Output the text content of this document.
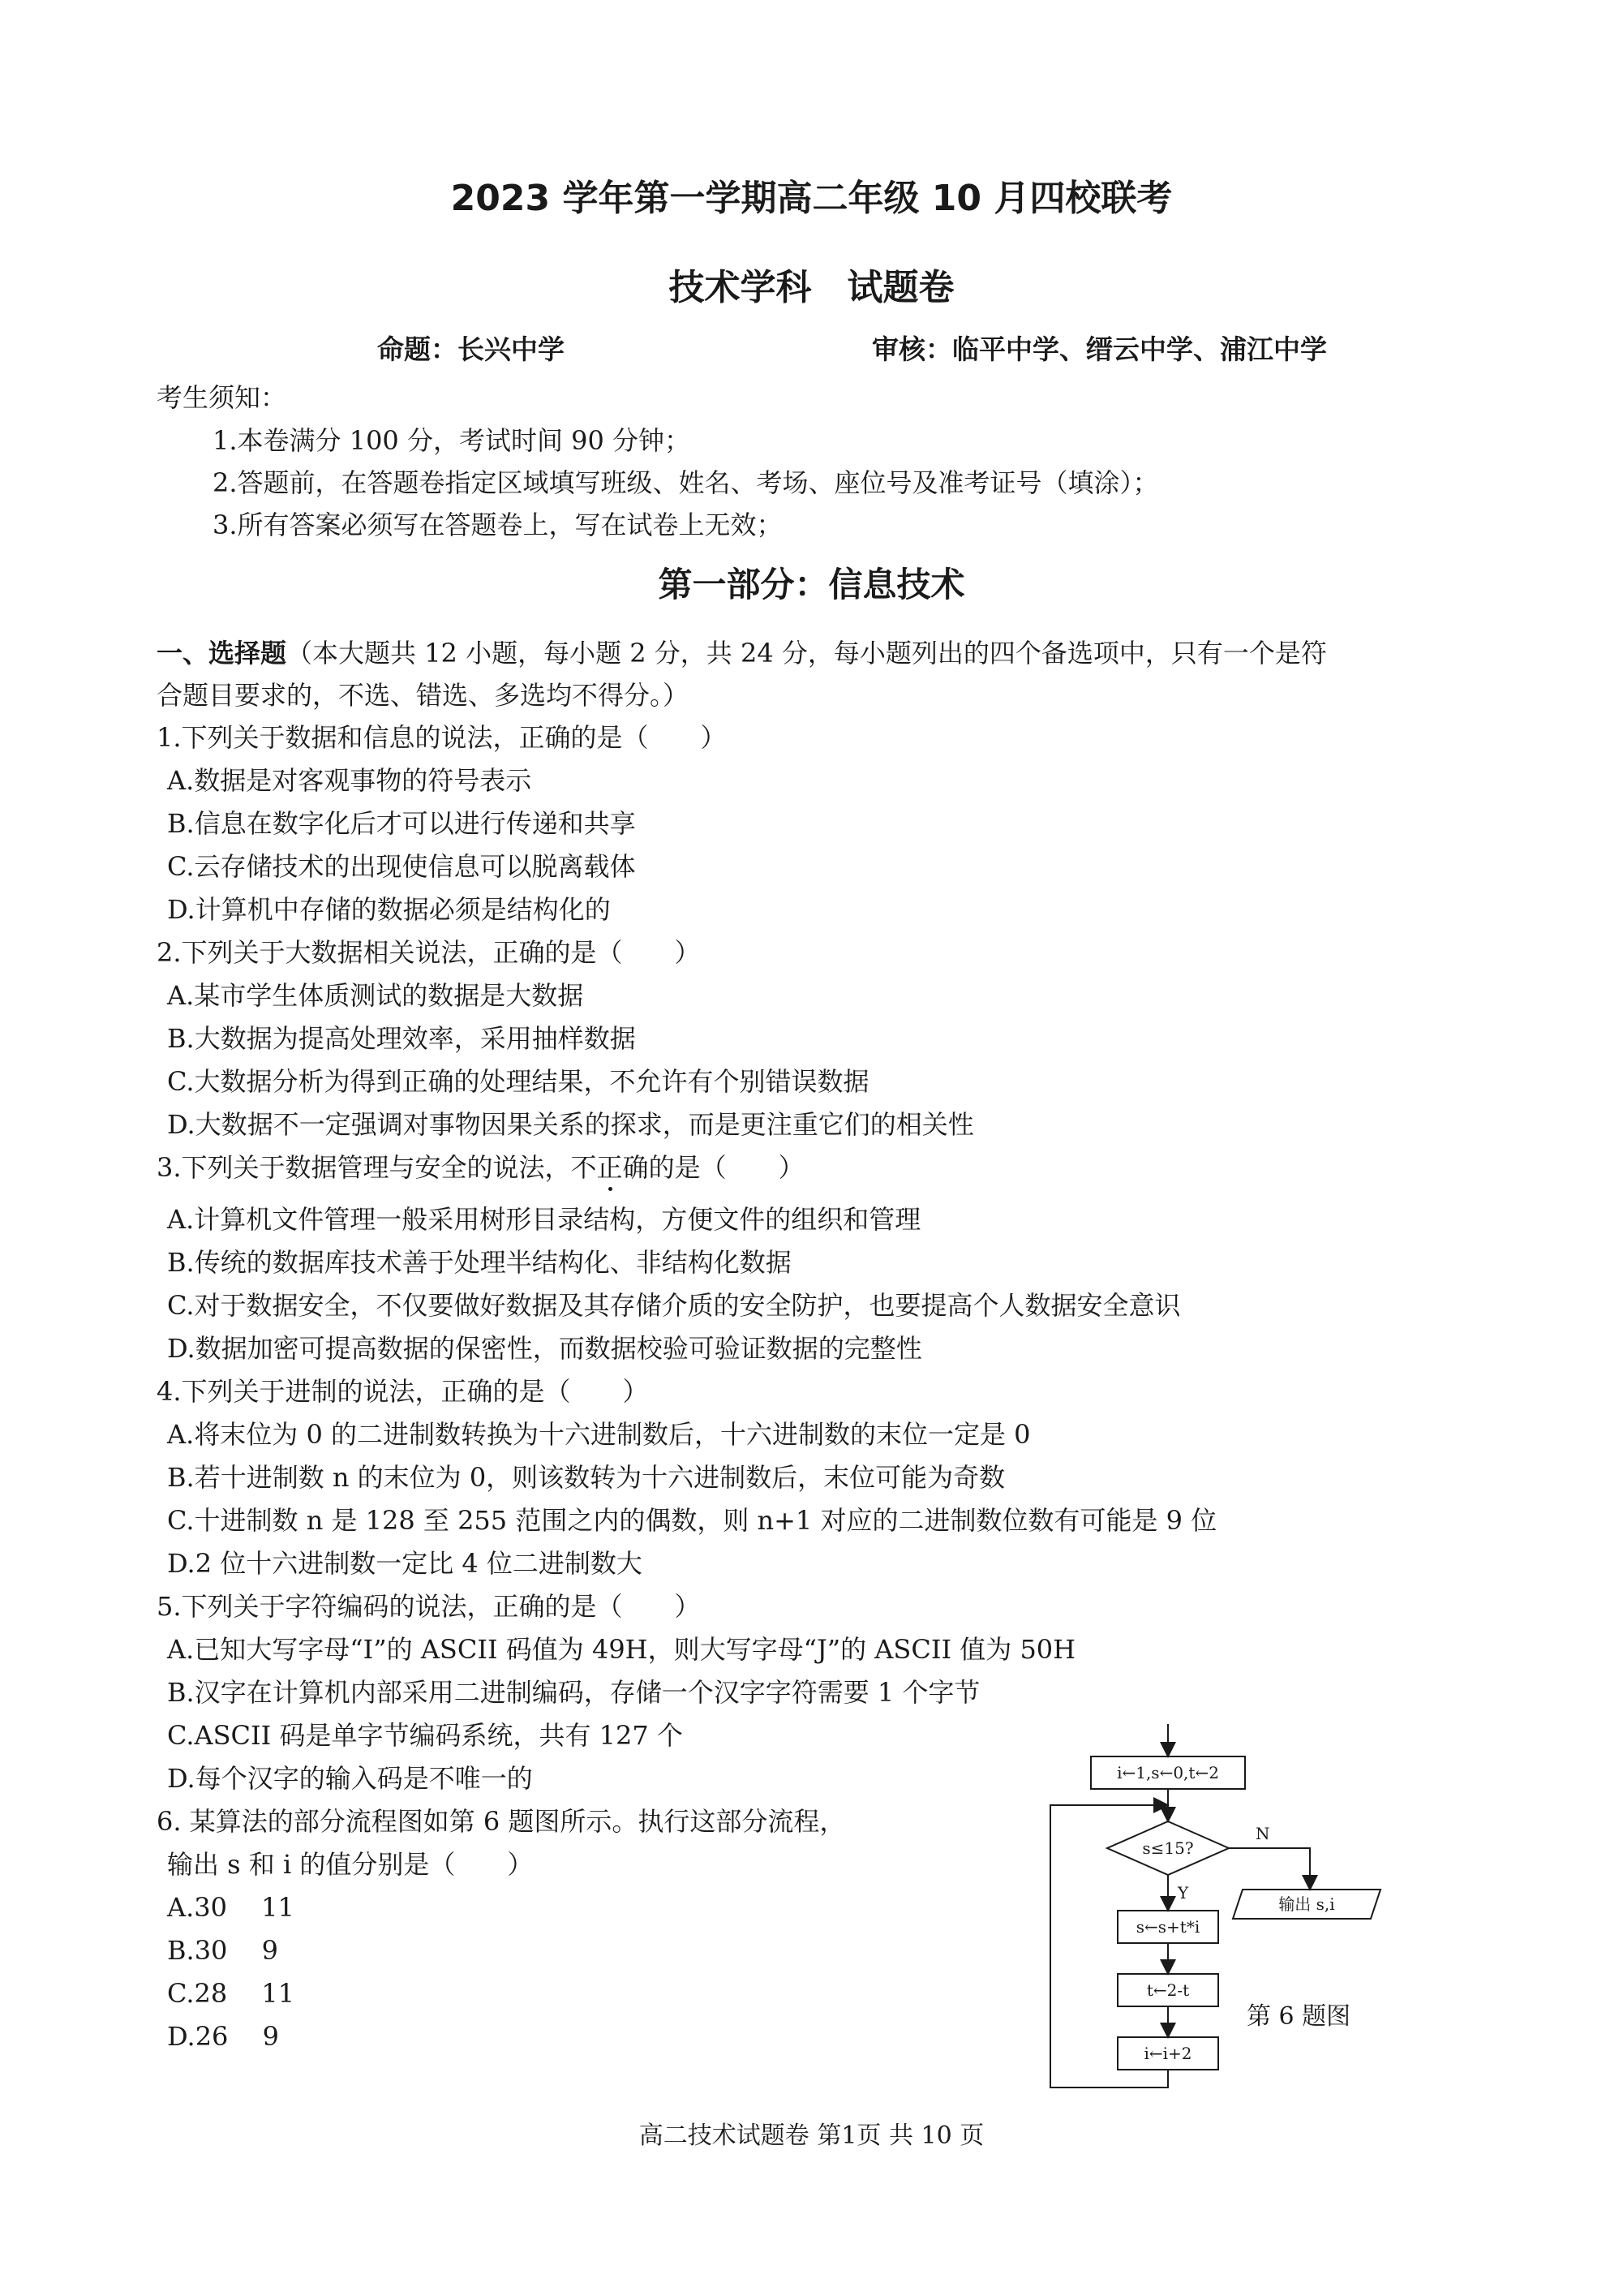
2023 学年第一学期高二年级 10 月四校联考
技术学科　试题卷
命题：长兴中学	审核：临平中学、缙云中学、浦江中学
考生须知：
1.本卷满分 100 分，考试时间 90 分钟；
2.答题前，在答题卷指定区域填写班级、姓名、考场、座位号及准考证号（填涂）；
3.所有答案必须写在答题卷上，写在试卷上无效；
第一部分：信息技术
一、选择题（本大题共 12 小题，每小题 2 分，共 24 分，每小题列出的四个备选项中，只有一个是符
合题目要求的，不选、错选、多选均不得分。）
1.下列关于数据和信息的说法，正确的是（　　）
A.数据是对客观事物的符号表示
B.信息在数字化后才可以进行传递和共享
C.云存储技术的出现使信息可以脱离载体
D.计算机中存储的数据必须是结构化的
2.下列关于大数据相关说法，正确的是（　　）
A.某市学生体质测试的数据是大数据
B.大数据为提高处理效率，采用抽样数据
C.大数据分析为得到正确的处理结果，不允许有个别错误数据
D.大数据不一定强调对事物因果关系的探求，而是更注重它们的相关性
3.下列关于数据管理与安全的说法，不正确的是（　　）
A.计算机文件管理一般采用树形目录结构，方便文件的组织和管理
B.传统的数据库技术善于处理半结构化、非结构化数据
C.对于数据安全，不仅要做好数据及其存储介质的安全防护，也要提高个人数据安全意识
D.数据加密可提高数据的保密性，而数据校验可验证数据的完整性
4.下列关于进制的说法，正确的是（　　）
A.将末位为 0 的二进制数转换为十六进制数后，十六进制数的末位一定是 0
B.若十进制数 n 的末位为 0，则该数转为十六进制数后，末位可能为奇数
C.十进制数 n 是 128 至 255 范围之内的偶数，则 n+1 对应的二进制数位数有可能是 9 位
D.2 位十六进制数一定比 4 位二进制数大
5.下列关于字符编码的说法，正确的是（　　）
A.已知大写字母“I”的 ASCII 码值为 49H，则大写字母“J”的 ASCII 值为 50H
B.汉字在计算机内部采用二进制编码，存储一个汉字字符需要 1 个字节
C.ASCII 码是单字节编码系统，共有 127 个
D.每个汉字的输入码是不唯一的
6. 某算法的部分流程图如第 6 题图所示。执行这部分流程，
输出 s 和 i 的值分别是（　　）
A.30　 11
B.30　 9
C.28　 11
D.26　 9
i←1,s←0,t←2
s≤15?
N
输出 s,i
Y
s←s+t*i
t←2-t
i←i+2
第 6 题图
高二技术试题卷 第1页 共 10 页
